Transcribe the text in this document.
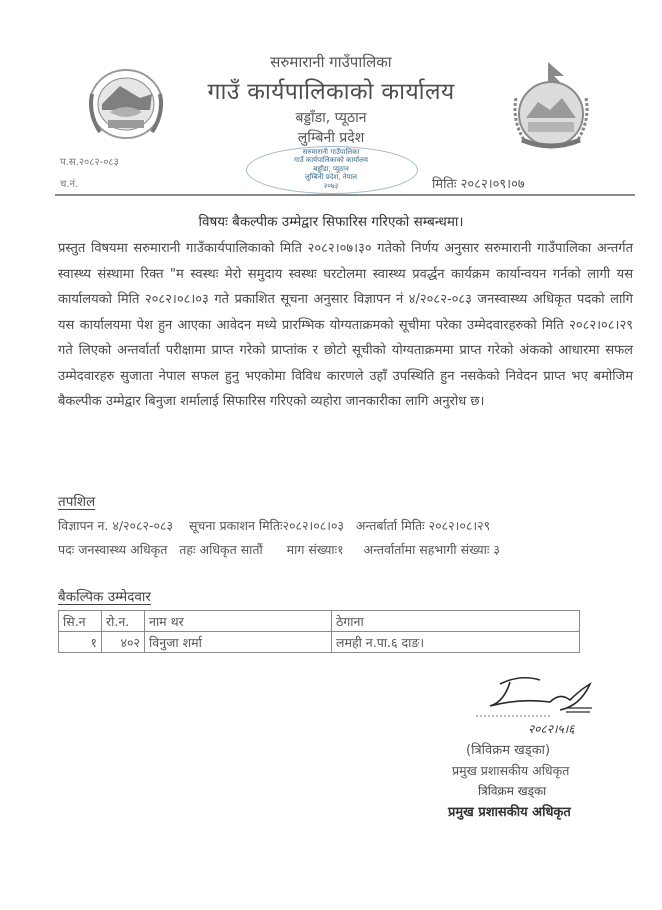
सरुमारानी गाउँपालिका
गाउँ कार्यपालिकाको कार्यालय
बड्डाँडा, प्यूठान
लुम्बिनी प्रदेश
सरुमारानी गाउँपालिका
गाउँ कार्यपालिकाको कार्यालय
बड्डाँडा, प्यूठान
लुम्बिनी प्रदेश, नेपाल
२०७३
प.स.२०८२-०८३
च.नं.	मितिः २०८२।०९।०७
विषयः बैकल्पीक उम्मेद्वार सिफारिस गरिएको सम्बन्धमा।
प्रस्तुत विषयमा सरुमारानी गाउँकार्यपालिकाको मिति २०८२।०७।३० गतेको निर्णय अनुसार सरुमारानी गाउँपालिका अन्तर्गत स्वास्थ्य संस्थामा रिक्त "म स्वस्थः मेरो समुदाय स्वस्थः घरटोलमा स्वास्थ्य प्रवर्द्धन कार्यक्रम कार्यान्वयन गर्नको लागी यस कार्यालयको मिति २०८२।०८।०३ गते प्रकाशित सूचना अनुसार विज्ञापन नं ४/२०८२-०८३ जनस्वास्थ्य अधिकृत पदको लागि यस कार्यालयमा पेश हुन आएका आवेदन मध्ये प्रारम्भिक योग्यताक्रमको सूचीमा परेका उम्मेदवारहरुको मिति २०८२।०८।२९ गते लिएको अन्तर्वार्ता परीक्षामा प्राप्त गरेको प्राप्तांक र छोटो सूचीको योग्यताक्रममा प्राप्त गरेको अंकको आधारमा सफल उम्मेदवारहरु सुजाता नेपाल सफल हुनु भएकोमा विविध कारणले उहाँ उपस्थिति हुन नसकेको निवेदन प्राप्त भए बमोजिम बैकल्पीक उम्मेद्वार बिनुजा शर्मालाई सिफारिस गरिएको व्यहोरा जानकारीका लागि अनुरोध छ।
तपशिल
विज्ञापन न. ४/२०८२-०८३ सूचना प्रकाशन मितिः२०८२।०८।०३ अन्तर्बार्ता मितिः २०८२।०८।२९
पदः जनस्वास्थ्य अधिकृत तहः अधिकृत सातौं माग संख्याः१ अन्तर्वार्तामा सहभागी संख्याः ३
बैकल्पिक उम्मेदवार
सि.न	रो.न.	नाम थर	ठेगाना
१	४०२	विनुजा शर्मा	लमही न.पा.६ दाङ।
२०८२।५।६
(त्रिविक्रम खड्का)
प्रमुख प्रशासकीय अधिकृत
त्रिविक्रम खड्का
प्रमुख प्रशासकीय अधिकृत
